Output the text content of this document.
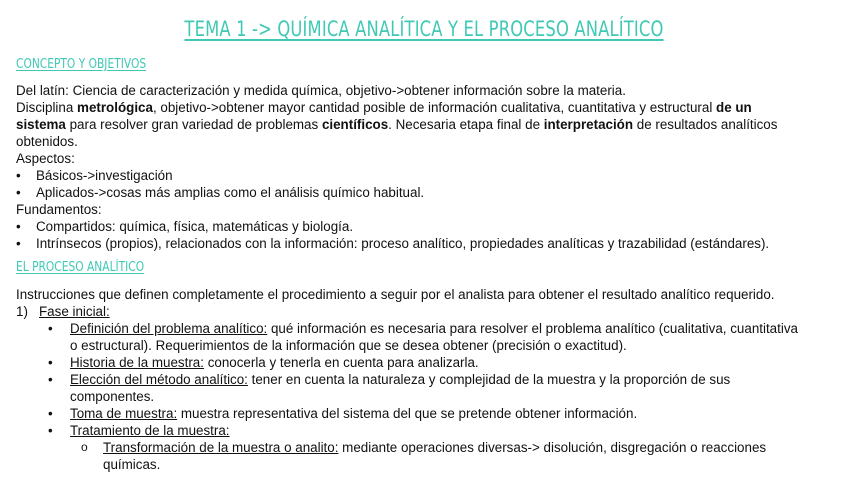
TEMA 1 -> QUÍMICA ANALÍTICA Y EL PROCESO ANALÍTICO
CONCEPTO Y OBJETIVOS
Del latín: Ciencia de caracterización y medida química, objetivo->obtener información sobre la materia.
Disciplina metrológica, objetivo->obtener mayor cantidad posible de información cualitativa, cuantitativa y estructural de un
sistema para resolver gran variedad de problemas científicos. Necesaria etapa final de interpretación de resultados analíticos
obtenidos.
Aspectos:
• Básicos->investigación
• Aplicados->cosas más amplias como el análisis químico habitual.
Fundamentos:
• Compartidos: química, física, matemáticas y biología.
• Intrínsecos (propios), relacionados con la información: proceso analítico, propiedades analíticas y trazabilidad (estándares).
EL PROCESO ANALÍTICO
Instrucciones que definen completamente el procedimiento a seguir por el analista para obtener el resultado analítico requerido.
1) Fase inicial:
• Definición del problema analítico: qué información es necesaria para resolver el problema analítico (cualitativa, cuantitativa
o estructural). Requerimientos de la información que se desea obtener (precisión o exactitud).
• Historia de la muestra: conocerla y tenerla en cuenta para analizarla.
• Elección del método analítico: tener en cuenta la naturaleza y complejidad de la muestra y la proporción de sus
componentes.
• Toma de muestra: muestra representativa del sistema del que se pretende obtener información.
• Tratamiento de la muestra:
o Transformación de la muestra o analito: mediante operaciones diversas-> disolución, disgregación o reacciones
químicas.
